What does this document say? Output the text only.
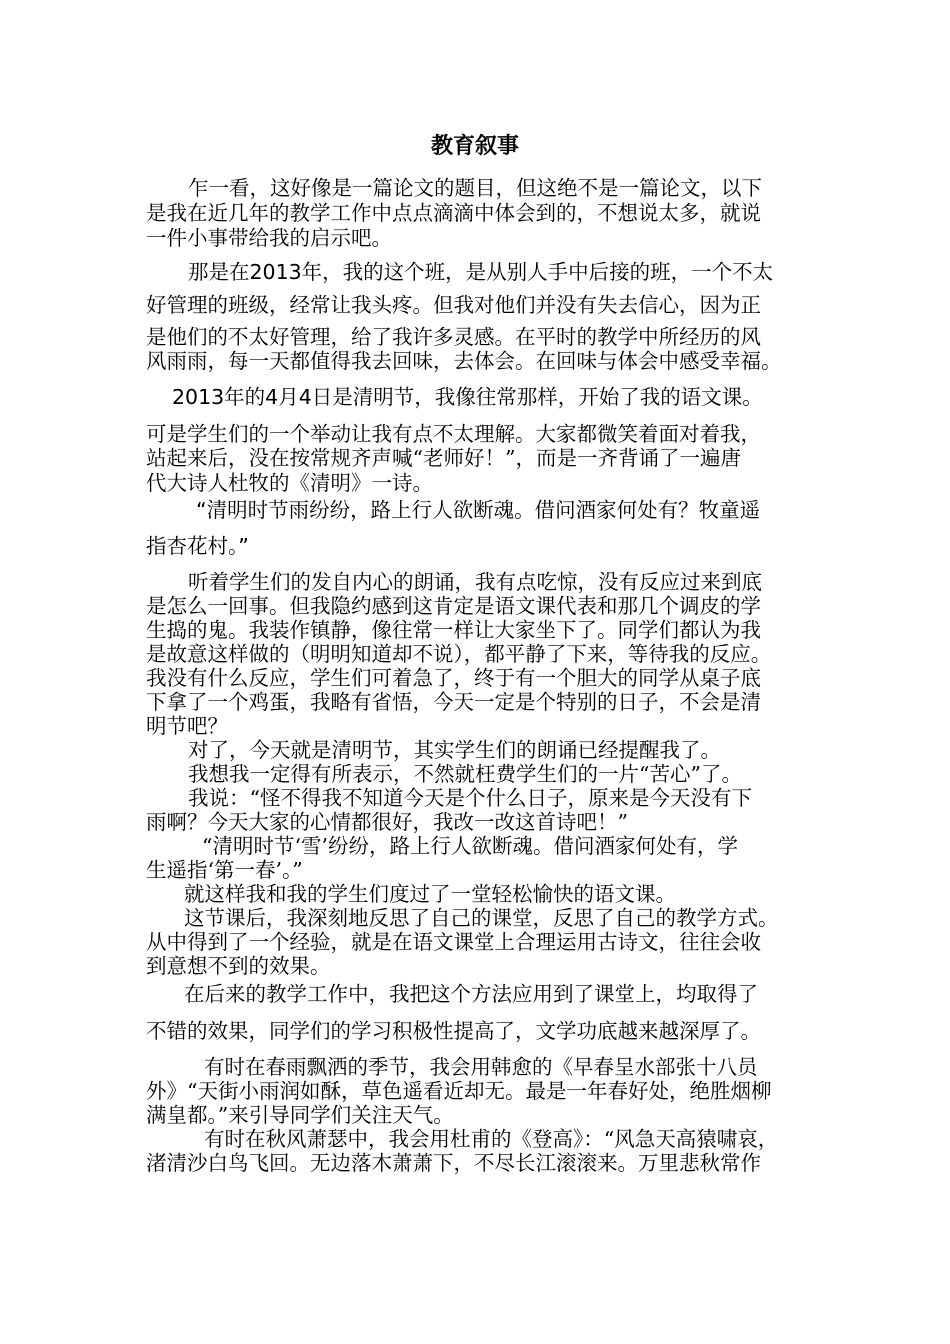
教育叙事
乍一看，这好像是一篇论文的题目，但这绝不是一篇论文，以下
是我在近几年的教学工作中点点滴滴中体会到的，不想说太多，就说
一件小事带给我的启示吧。
那是在2013年，我的这个班，是从别人手中后接的班，一个不太
好管理的班级，经常让我头疼。但我对他们并没有失去信心，因为正
是他们的不太好管理，给了我许多灵感。在平时的教学中所经历的风
风雨雨，每一天都值得我去回味，去体会。在回味与体会中感受幸福。
2013年的4月4日是清明节，我像往常那样，开始了我的语文课。
可是学生们的一个举动让我有点不太理解。大家都微笑着面对着我，
站起来后，没在按常规齐声喊“老师好！”，而是一齐背诵了一遍唐
代大诗人杜牧的《清明》一诗。
“清明时节雨纷纷，路上行人欲断魂。借问酒家何处有？牧童遥
指杏花村。”
听着学生们的发自内心的朗诵，我有点吃惊，没有反应过来到底
是怎么一回事。但我隐约感到这肯定是语文课代表和那几个调皮的学
生捣的鬼。我装作镇静，像往常一样让大家坐下了。同学们都认为我
是故意这样做的（明明知道却不说），都平静了下来，等待我的反应。
我没有什么反应，学生们可着急了，终于有一个胆大的同学从桌子底
下拿了一个鸡蛋，我略有省悟，今天一定是个特别的日子，不会是清
明节吧？
对了，今天就是清明节，其实学生们的朗诵已经提醒我了。
我想我一定得有所表示，不然就枉费学生们的一片“苦心”了。
我说：“怪不得我不知道今天是个什么日子，原来是今天没有下
雨啊？今天大家的心情都很好，我改一改这首诗吧！”
“清明时节‘雪’纷纷，路上行人欲断魂。借问酒家何处有，学
生遥指‘第一春’。”
就这样我和我的学生们度过了一堂轻松愉快的语文课。
这节课后，我深刻地反思了自己的课堂，反思了自己的教学方式。
从中得到了一个经验，就是在语文课堂上合理运用古诗文，往往会收
到意想不到的效果。
在后来的教学工作中，我把这个方法应用到了课堂上，均取得了
不错的效果，同学们的学习积极性提高了，文学功底越来越深厚了。
有时在春雨飘洒的季节，我会用韩愈的《早春呈水部张十八员
外》“天街小雨润如酥，草色遥看近却无。最是一年春好处，绝胜烟柳
满皇都。”来引导同学们关注天气。
有时在秋风萧瑟中，我会用杜甫的《登高》：“风急天高猿啸哀，
渚清沙白鸟飞回。无边落木萧萧下，不尽长江滚滚来。万里悲秋常作
